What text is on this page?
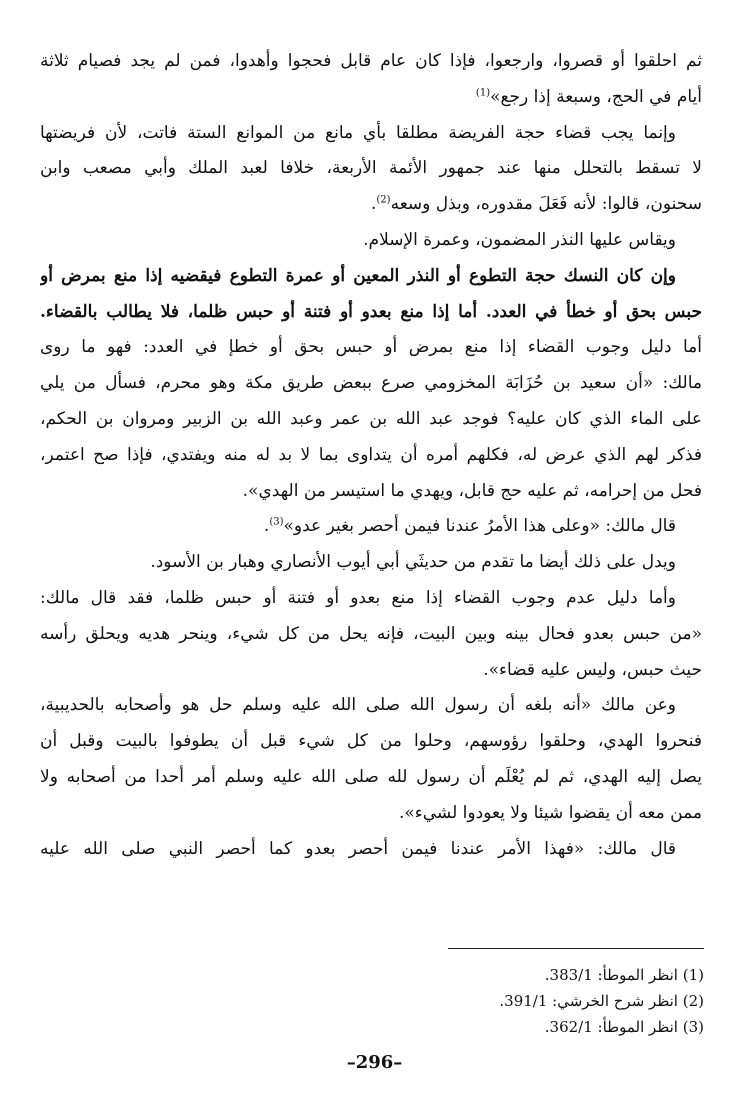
ثم احلقوا أو قصروا، وارجعوا، فإذا كان عام قابل فحجوا وأهدوا، فمن لم يجد فصيام ثلاثة
أيام في الحج، وسبعة إذا رجع»$^{(1)}$
وإنما يجب قضاء حجة الفريضة مطلقا بأي مانع من الموانع الستة فاتت، لأن فريضتها
لا تسقط بالتحلل منها عند جمهور الأئمة الأربعة، خلافا لعبد الملك وأبي مصعب وابن
سحنون، قالوا: لأنه فَعَلَ مقدوره، وبذل وسعه$^{(2)}$.
ويقاس عليها النذر المضمون، وعمرة الإسلام.
وإن كان النسك حجة التطوع أو النذر المعين أو عمرة التطوع فيقضيه إذا منع بمرض أو
حبس بحق أو خطأ في العدد. أما إذا منع بعدو أو فتنة أو حبس ظلما، فلا يطالب بالقضاء.
أما دليل وجوب القضاء إذا منع بمرض أو حبس بحق أو خطإ في العدد: فهو ما روى
مالك: «أن سعيد بن حُزَابَة المخزومي صرع ببعض طريق مكة وهو محرم، فسأل من يلي
على الماء الذي كان عليه؟ فوجد عبد الله بن عمر وعبد الله بن الزبير ومروان بن الحكم،
فذكر لهم الذي عرض له، فكلهم أمره أن يتداوى بما لا بد له منه ويفتدي، فإذا صح اعتمر،
فحل من إحرامه، ثم عليه حج قابل، ويهدي ما استيسر من الهدي».
قال مالك: «وعلى هذا الأمرُ عندنا فيمن أحصر بغير عدو»$^{(3)}$.
ويدل على ذلك أيضا ما تقدم من حديثَي أبي أيوب الأنصاري وهبار بن الأسود.
وأما دليل عدم وجوب القضاء إذا منع بعدو أو فتنة أو حبس ظلما، فقد قال مالك:
«من حبس بعدو فحال بينه وبين البيت، فإنه يحل من كل شيء، وينحر هديه ويحلق رأسه
حيث حبس، وليس عليه قضاء».
وعن مالك «أنه بلغه أن رسول الله صلى الله عليه وسلم حل هو وأصحابه بالحديبية،
فنحروا الهدي، وحلقوا رؤوسهم، وحلوا من كل شيء قبل أن يطوفوا بالبيت وقبل أن
يصل إليه الهدي، ثم لم يُعْلَم أن رسول لله صلى الله عليه وسلم أمر أحدا من أصحابه ولا
ممن معه أن يقضوا شيئا ولا يعودوا لشيء».
قال مالك: «فهذا الأمر عندنا فيمن أحصر بعدو كما أحصر النبي صلى الله عليه
(1) انظر الموطأ: 383/1.
(2) انظر شرح الخرشي: 391/1.
(3) انظر الموطأ: 362/1.
–296–
